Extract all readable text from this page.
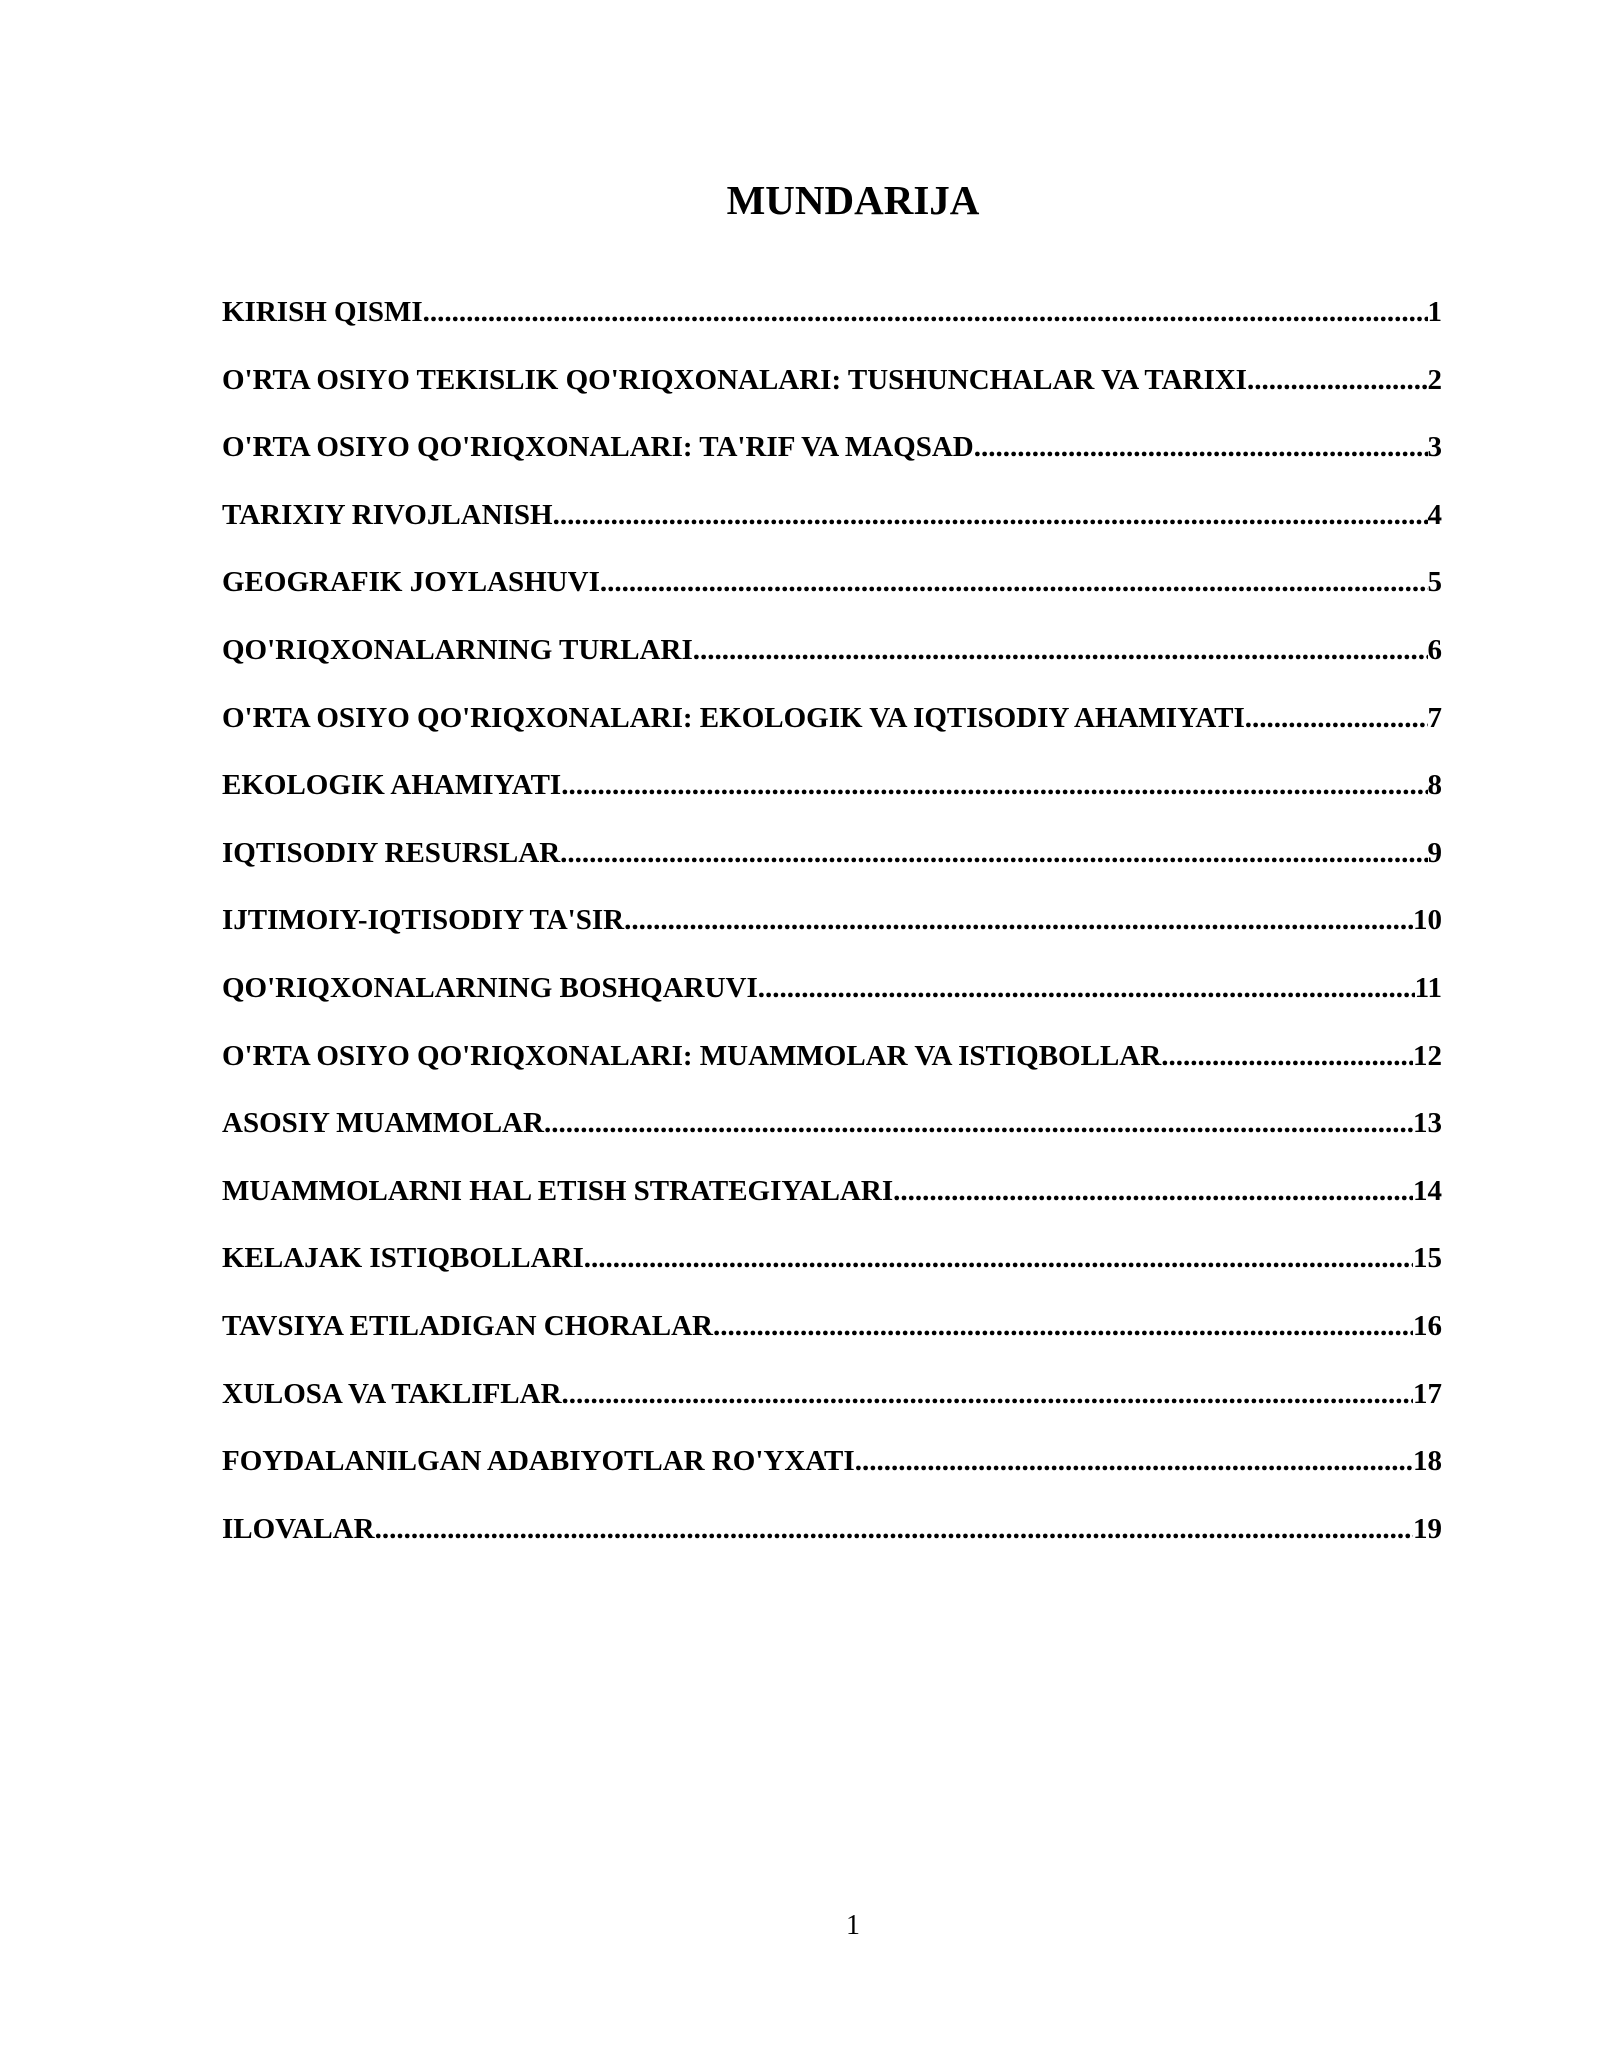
MUNDARIJA
KIRISH QISMI .....	1
O'RTA OSIYO TEKISLIK QO'RIQXONALARI: TUSHUNCHALAR VA TARIXI .....	2
O'RTA OSIYO QO'RIQXONALARI: TA'RIF VA MAQSAD .....	3
TARIXIY RIVOJLANISH .....	4
GEOGRAFIK JOYLASHUVI .....	5
QO'RIQXONALARNING TURLARI .....	6
O'RTA OSIYO QO'RIQXONALARI: EKOLOGIK VA IQTISODIY AHAMIYATI .....	7
EKOLOGIK AHAMIYATI .....	8
IQTISODIY RESURSLAR .....	9
IJTIMOIY-IQTISODIY TA'SIR .....	10
QO'RIQXONALARNING BOSHQARUVI .....	11
O'RTA OSIYO QO'RIQXONALARI: MUAMMOLAR VA ISTIQBOLLAR .....	12
ASOSIY MUAMMOLAR .....	13
MUAMMOLARNI HAL ETISH STRATEGIYALARI .....	14
KELAJAK ISTIQBOLLARI .....	15
TAVSIYA ETILADIGAN CHORALAR .....	16
XULOSA VA TAKLIFLAR .....	17
FOYDALANILGAN ADABIYOTLAR RO'YXATI .....	18
ILOVALAR .....	19
1
